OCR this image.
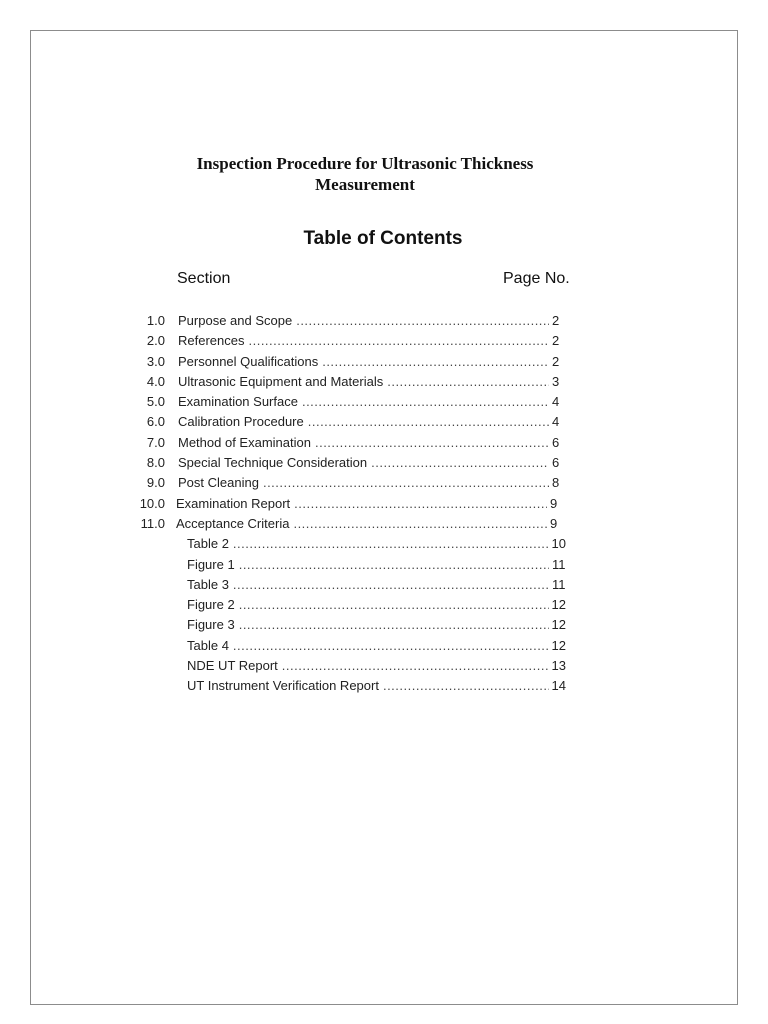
Inspection Procedure for Ultrasonic Thickness Measurement
Table of Contents
Section	Page No.
1.0 Purpose and Scope .....	2
2.0 References .....	2
3.0 Personnel Qualifications .....	2
4.0 Ultrasonic Equipment and Materials .....	3
5.0 Examination Surface .....	4
6.0 Calibration Procedure .....	4
7.0 Method of Examination .....	6
8.0 Special Technique Consideration .....	6
9.0 Post Cleaning .....	8
10.0 Examination Report .....	9
11.0 Acceptance Criteria .....	9
Table 2 .....	10
Figure 1 .....	11
Table 3 .....	11
Figure 2 .....	12
Figure 3 .....	12
Table 4 .....	12
NDE UT Report .....	13
UT Instrument Verification Report .....	14
